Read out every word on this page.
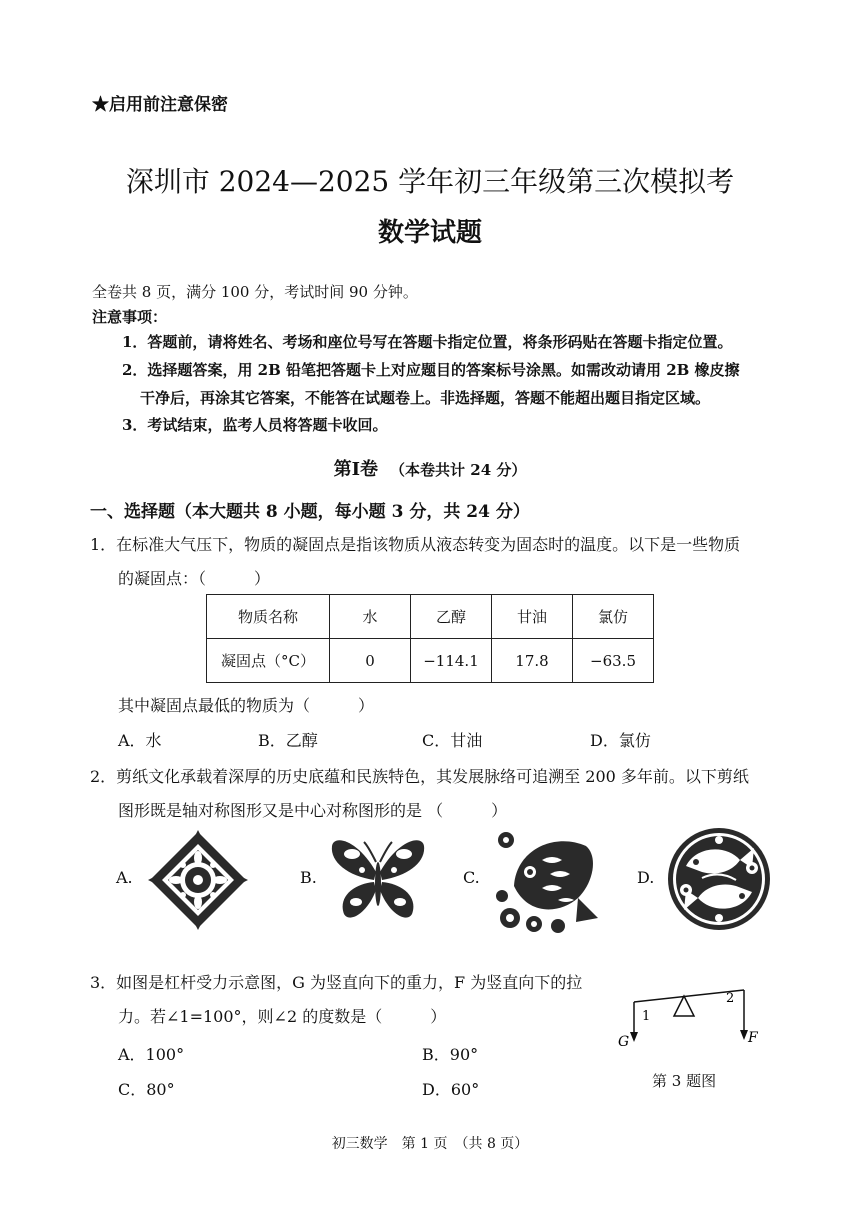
★启用前注意保密
深圳市 2024—2025 学年初三年级第三次模拟考
数学试题
全卷共 8 页，满分 100 分，考试时间 90 分钟。
注意事项：
1．答题前，请将姓名、考场和座位号写在答题卡指定位置，将条形码贴在答题卡指定位置。
2．选择题答案，用 2B 铅笔把答题卡上对应题目的答案标号涂黑。如需改动请用 2B 橡皮擦
干净后，再涂其它答案，不能答在试题卷上。非选择题，答题不能超出题目指定区域。
3．考试结束，监考人员将答题卡收回。
第I卷 （本卷共计 24 分）
一、选择题（本大题共 8 小题，每小题 3 分，共 24 分）
1．在标准大气压下，物质的凝固点是指该物质从液态转变为固态时的温度。以下是一些物质
的凝固点：（　　　）
物质名称	水	乙醇	甘油	氯仿
凝固点（°C）	0	−114.1	17.8	−63.5
其中凝固点最低的物质为（　　　）
A．水	B．乙醇	C．甘油	D．氯仿
2．剪纸文化承载着深厚的历史底蕴和民族特色，其发展脉络可追溯至 200 多年前。以下剪纸
图形既是轴对称图形又是中心对称图形的是 （　　　）
A.	B.	C.	D.
3．如图是杠杆受力示意图，G 为竖直向下的重力，F 为竖直向下的拉
力。若∠1=100°，则∠2 的度数是（　　　）
A．100°	B．90°
C．80°	D．60°
1
2
G	F
第 3 题图
初三数学　第 1 页　（共 8 页）
